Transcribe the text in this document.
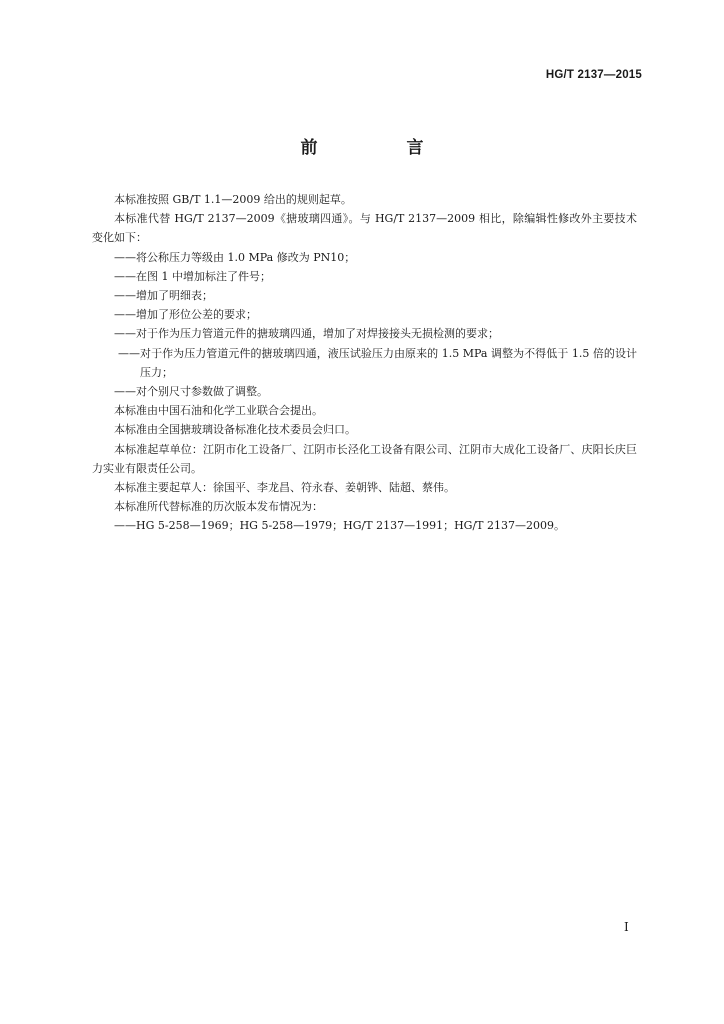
HG/T 2137—2015
前　言

本标准按照 GB/T 1.1—2009 给出的规则起草。

本标准代替 HG/T 2137—2009《搪玻璃四通》。与 HG/T 2137—2009 相比，除编辑性修改外主要技术变化如下：

——将公称压力等级由 1.0 MPa 修改为 PN10；

——在图 1 中增加标注了件号；

——增加了明细表；

——增加了形位公差的要求；

——对于作为压力管道元件的搪玻璃四通，增加了对焊接接头无损检测的要求；

——对于作为压力管道元件的搪玻璃四通，液压试验压力由原来的 1.5 MPa 调整为不得低于 1.5 倍的设计压力；

——对个别尺寸参数做了调整。

本标准由中国石油和化学工业联合会提出。

本标准由全国搪玻璃设备标准化技术委员会归口。

本标准起草单位：江阴市化工设备厂、江阴市长泾化工设备有限公司、江阴市大成化工设备厂、庆阳长庆巨力实业有限责任公司。

本标准主要起草人：徐国平、李龙昌、符永春、姜朝铧、陆超、蔡伟。

本标准所代替标准的历次版本发布情况为：

——HG 5-258—1969；HG 5-258—1979；HG/T 2137—1991；HG/T 2137—2009。

Ⅰ
